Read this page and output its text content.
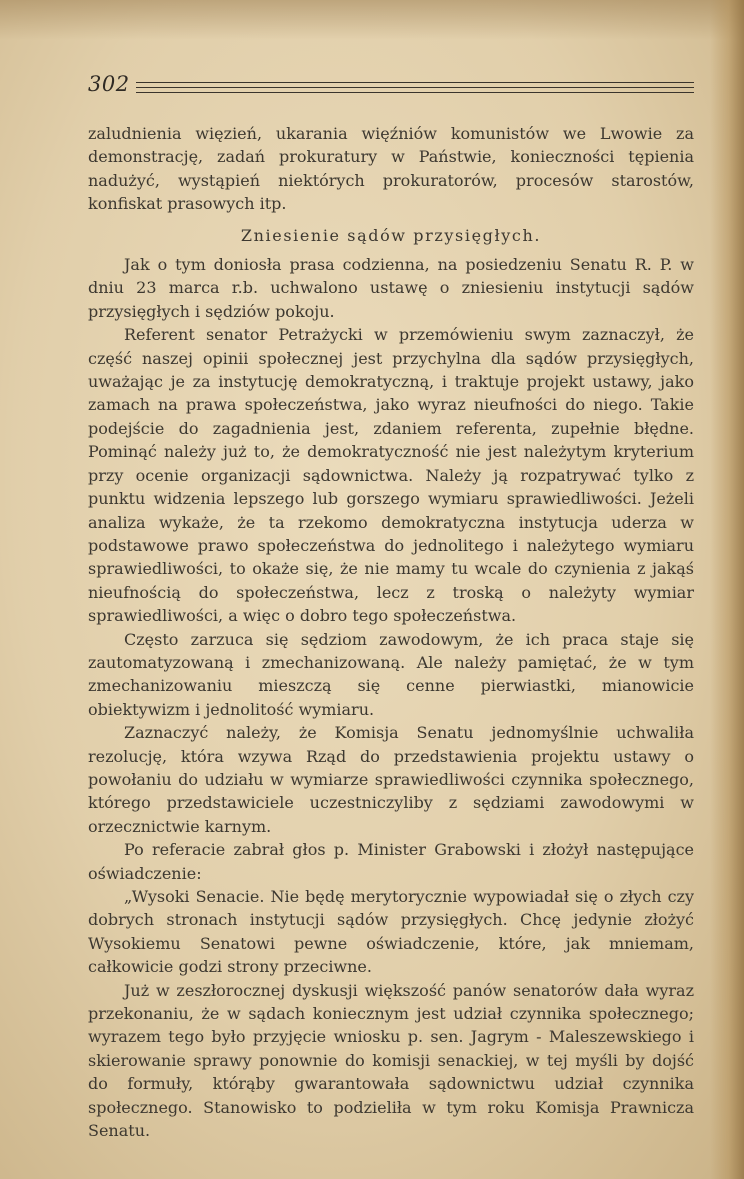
302

zaludnienia więzień, ukarania więźniów komunistów we Lwowie za demonstrację, zadań prokuratury w Państwie, konieczności tępienia nadużyć, wystąpień niektórych prokuratorów, procesów starostów, konfiskat prasowych itp.

Zniesienie sądów przysięgłych.

Jak o tym doniosła prasa codzienna, na posiedzeniu Senatu R. P. w dniu 23 marca r.b. uchwalono ustawę o zniesieniu instytucji sądów przysięgłych i sędziów pokoju.

Referent senator Petrażycki w przemówieniu swym zaznaczył, że część naszej opinii społecznej jest przychylna dla sądów przysięgłych, uważając je za instytucję demokratyczną, i traktuje projekt ustawy, jako zamach na prawa społeczeństwa, jako wyraz nieufności do niego. Takie podejście do zagadnienia jest, zdaniem referenta, zupełnie błędne. Pominąć należy już to, że demokratyczność nie jest należytym kryterium przy ocenie organizacji sądownictwa. Należy ją rozpatrywać tylko z punktu widzenia lepszego lub gorszego wymiaru sprawiedliwości. Jeżeli analiza wykaże, że ta rzekomo demokratyczna instytucja uderza w podstawowe prawo społeczeństwa do jednolitego i należytego wymiaru sprawiedliwości, to okaże się, że nie mamy tu wcale do czynienia z jakąś nieufnością do społeczeństwa, lecz z troską o należyty wymiar sprawiedliwości, a więc o dobro tego społeczeństwa.

Często zarzuca się sędziom zawodowym, że ich praca staje się zautomatyzowaną i zmechanizowaną. Ale należy pamiętać, że w tym zmechanizowaniu mieszczą się cenne pierwiastki, mianowicie obiektywizm i jednolitość wymiaru.

Zaznaczyć należy, że Komisja Senatu jednomyślnie uchwaliła rezolucję, która wzywa Rząd do przedstawienia projektu ustawy o powołaniu do udziału w wymiarze sprawiedliwości czynnika społecznego, którego przedstawiciele uczestniczyliby z sędziami zawodowymi w orzecznictwie karnym.

Po referacie zabrał głos p. Minister Grabowski i złożył następujące oświadczenie:

„Wysoki Senacie. Nie będę merytorycznie wypowiadał się o złych czy dobrych stronach instytucji sądów przysięgłych. Chcę jedynie złożyć Wysokiemu Senatowi pewne oświadczenie, które, jak mniemam, całkowicie godzi strony przeciwne.

Już w zeszłorocznej dyskusji większość panów senatorów dała wyraz przekonaniu, że w sądach koniecznym jest udział czynnika społecznego; wyrazem tego było przyjęcie wniosku p. sen. Jagrym - Maleszewskiego i skierowanie sprawy ponownie do komisji senackiej, w tej myśli by dojść do formuły, którąby gwarantowała sądownictwu udział czynnika społecznego. Stanowisko to podzieliła w tym roku Komisja Prawnicza Senatu.
